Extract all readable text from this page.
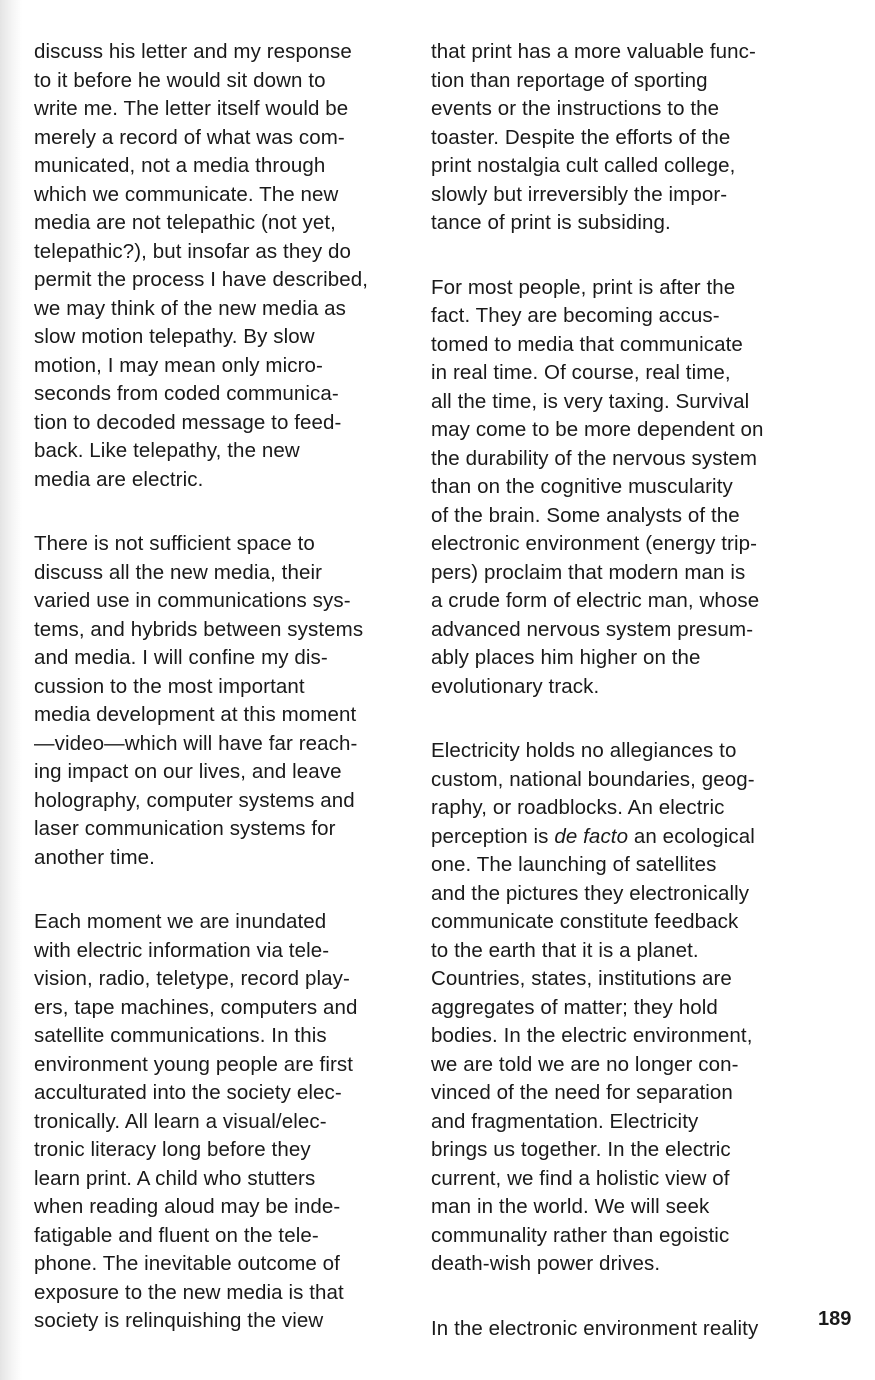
discuss his letter and my response
to it before he would sit down to
write me. The letter itself would be
merely a record of what was com-
municated, not a media through
which we communicate. The new
media are not telepathic (not yet,
telepathic?), but insofar as they do
permit the process I have described,
we may think of the new media as
slow motion telepathy. By slow
motion, I may mean only micro-
seconds from coded communica-
tion to decoded message to feed-
back. Like telepathy, the new
media are electric.
There is not sufficient space to
discuss all the new media, their
varied use in communications sys-
tems, and hybrids between systems
and media. I will confine my dis-
cussion to the most important
media development at this moment
—video—which will have far reach-
ing impact on our lives, and leave
holography, computer systems and
laser communication systems for
another time.
Each moment we are inundated
with electric information via tele-
vision, radio, teletype, record play-
ers, tape machines, computers and
satellite communications. In this
environment young people are first
acculturated into the society elec-
tronically. All learn a visual/elec-
tronic literacy long before they
learn print. A child who stutters
when reading aloud may be inde-
fatigable and fluent on the tele-
phone. The inevitable outcome of
exposure to the new media is that
society is relinquishing the view
that print has a more valuable func-
tion than reportage of sporting
events or the instructions to the
toaster. Despite the efforts of the
print nostalgia cult called college,
slowly but irreversibly the impor-
tance of print is subsiding.
For most people, print is after the
fact. They are becoming accus-
tomed to media that communicate
in real time. Of course, real time,
all the time, is very taxing. Survival
may come to be more dependent on
the durability of the nervous system
than on the cognitive muscularity
of the brain. Some analysts of the
electronic environment (energy trip-
pers) proclaim that modern man is
a crude form of electric man, whose
advanced nervous system presum-
ably places him higher on the
evolutionary track.
Electricity holds no allegiances to
custom, national boundaries, geog-
raphy, or roadblocks. An electric
perception is de facto an ecological
one. The launching of satellites
and the pictures they electronically
communicate constitute feedback
to the earth that it is a planet.
Countries, states, institutions are
aggregates of matter; they hold
bodies. In the electric environment,
we are told we are no longer con-
vinced of the need for separation
and fragmentation. Electricity
brings us together. In the electric
current, we find a holistic view of
man in the world. We will seek
communality rather than egoistic
death-wish power drives.
In the electronic environment reality	189
